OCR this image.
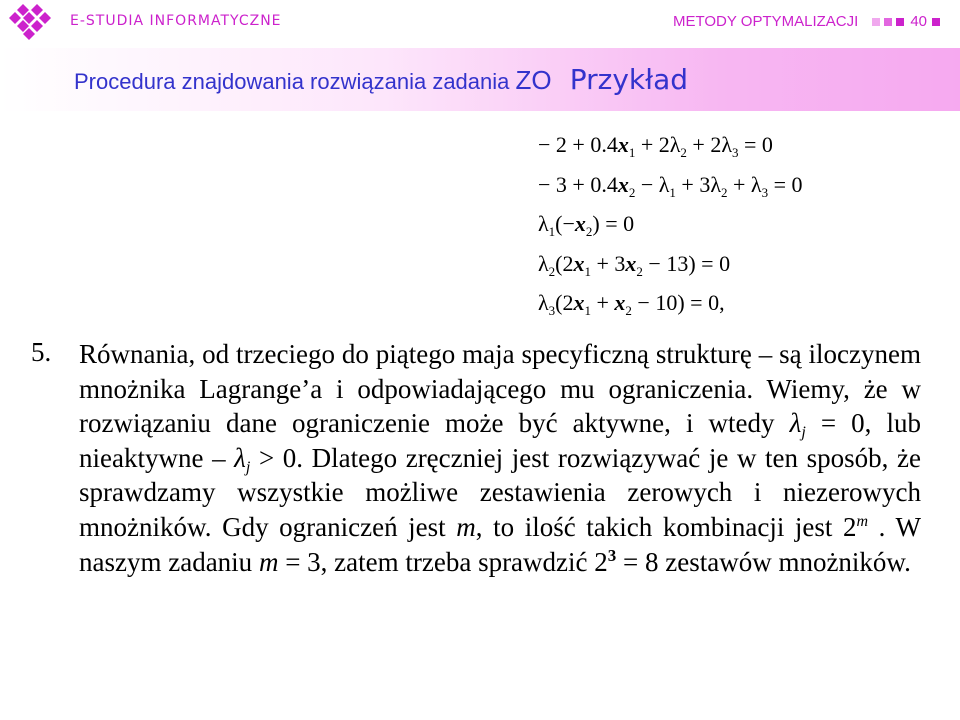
E-STUDIA INFORMATYCZNE	METODY OPTYMALIZACJI	40
Procedura znajdowania rozwiązania zadania ZO Przykład
− $2 + 0.4x_1 + 2\lambda_2 + 2\lambda_3 = 0$
− $3 + 0.4x_2 - \lambda_1 + 3\lambda_2 + \lambda_3 = 0$
$\lambda_1(-x_2) = 0$
$\lambda_2(2x_1 + 3x_2 - 13) = 0$
$\lambda_3(2x_1 + x_2 - 10) = 0$,
5. Równania, od trzeciego do piątego maja specyficzną strukturę – są iloczynem mnożnika Lagrange’a i odpowiadającego mu ograniczenia. Wiemy, że w rozwiązaniu dane ograniczenie może być aktywne, i wtedy $\lambda_j = 0$, lub nieaktywne – $\lambda_j > 0$. Dlatego zręczniej jest rozwiązywać je w ten sposób, że sprawdzamy wszystkie możliwe zestawienia zerowych i niezerowych mnożników. Gdy ograniczeń jest m, to ilość takich kombinacji jest 2$^m$ . W naszym zadaniu m = 3, zatem trzeba sprawdzić $2^3 = 8$ zestawów mnożników.
